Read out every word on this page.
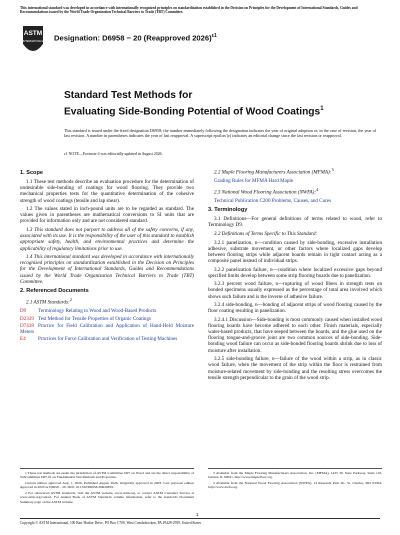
This international standard was developed in accordance with internationally recognized principles on standardization established in the Decision on Principles for the Development of International Standards, Guides and Recommendations issued by the World Trade Organization Technical Barriers to Trade (TBT) Committee.
ASTM
INTERNATIONAL Designation: D6958 − 20 (Reapproved 2026)$^{\varepsilon 1}$
Standard Test Methods for
Evaluating Side-Bonding Potential of Wood Coatings$^1$
This standard is issued under the fixed designation D6958; the number immediately following the designation indicates the year of original adoption or, in the case of revision, the year of last revision. A number in parentheses indicates the year of last reapproval. A superscript epsilon (ε) indicates an editorial change since the last revision or reapproval.
ε1 NOTE—Footnote 4 was editorially updated in August 2026.
1. Scope

1.1 These test methods describe an evaluation procedure for the determination of undesirable side-bonding of coatings for wood flooring. They provide two mechanical properties tests for the quantitative determination of the cohesive strength of wood coatings (tensile and lap shear).

1.2 The values stated in inch-pound units are to be regarded as standard. The values given in parentheses are mathematical conversions to SI units that are provided for information only and are not considered standard.

1.3 This standard does not purport to address all of the safety concerns, if any, associated with its use. It is the responsibility of the user of this standard to establish appropriate safety, health, and environmental practices and determine the applicability of regulatory limitations prior to use.

1.4 This international standard was developed in accordance with internationally recognized principles on standardization established in the Decision on Principles for the Development of International Standards, Guides and Recommendations issued by the World Trade Organization Technical Barriers to Trade (TBT) Committee.

2. Referenced Documents

2.1 ASTM Standards:$^2$

D9 Terminology Relating to Wood and Wood-Based Products
D2339 Test Method for Tensile Properties of Organic Coatings
D7438 Practice for Field Calibration and Application of Hand-Held Moisture Meters
E4 Practices for Force Calibration and Verification of Testing Machines

2.2 Maple Flooring Manufacturers Association (MFMA):$^3$

Grading Rules for MFMA Hard Maple

2.3 National Wood Flooring Association (NWFA):$^4$

Technical Publication C200 Problems, Causes, and Cures

3. Terminology

3.1 Definitions—For general definitions of terms related to wood, refer to Terminology D9.

3.2 Definitions of Terms Specific to This Standard:

3.2.1 panelization, n—condition caused by side-bonding, excessive installation adhesive, substrate movement, or other factors where localized gaps develop between flooring strips while adjacent boards remain in tight contact acting as a composite panel instead of individual strips.

3.2.2 panelization failure, n—condition where localized excessive gaps beyond specified limits develop between some strip flooring boards due to panelization.

3.2.3 percent wood failure, n—rupturing of wood fibers in strength tests on bonded specimens usually expressed as the percentage of total area involved which shows such failure and is the inverse of adhesive failure.

3.2.4 side-bonding, n—bonding of adjacent strips of wood flooring caused by the floor coating resulting in panelization.

3.2.4.1 Discussion—Side-bonding is most commonly caused when installed wood flooring boards have become adhered to each other. Finish materials, especially water-based products, that have seeped between the boards, and the glue used on the flooring tongue-and-groove joint are two common sources of side-bonding. Side-bonding wood failure can occur as side-bonded flooring boards shrink due to loss of moisture after installation.

3.2.5 side-bonding failure, n—failure of the wood within a strip, as in classic wood failure, when the movement of the strip within the floor is restrained from moisture-related movement by side-bonding and the resulting stress overcomes the tensile strength perpendicular to the grain of the wood strip.

1 These test methods are under the jurisdiction of ASTM Committee D07 on Wood and are the direct responsibility of Subcommittee D07.01 on Fundamental Test Methods and Properties.

Current edition approved Aug. 1, 2026. Published August 2026. Originally approved in 2003. Last previous edition approved in 2020 as D6958 – 20. DOI: 10.1520/D6958-20R26E01.

2 For referenced ASTM standards, visit the ASTM website, www.astm.org, or contact ASTM Customer Service at www.astm.org/contact. For Annual Book of ASTM Standards volume information, refer to the standard's Document Summary page on the ASTM website.

3 Available from the Maple Flooring Manufacturers Association, Inc. (MFMA), 1425 Tri State Parkway, Suite 110, Gurnee, IL 60031, http://www.maplefloor.org.

4 Available from the National Wood Flooring Association (NWFA), 14 Research Park Dr., St. Charles, MO 63304, http://www.nwfa.org.

1
Copyright © ASTM International, 100 Barr Harbor Drive, PO Box C700, West Conshohocken, PA 19428-2959. United States
